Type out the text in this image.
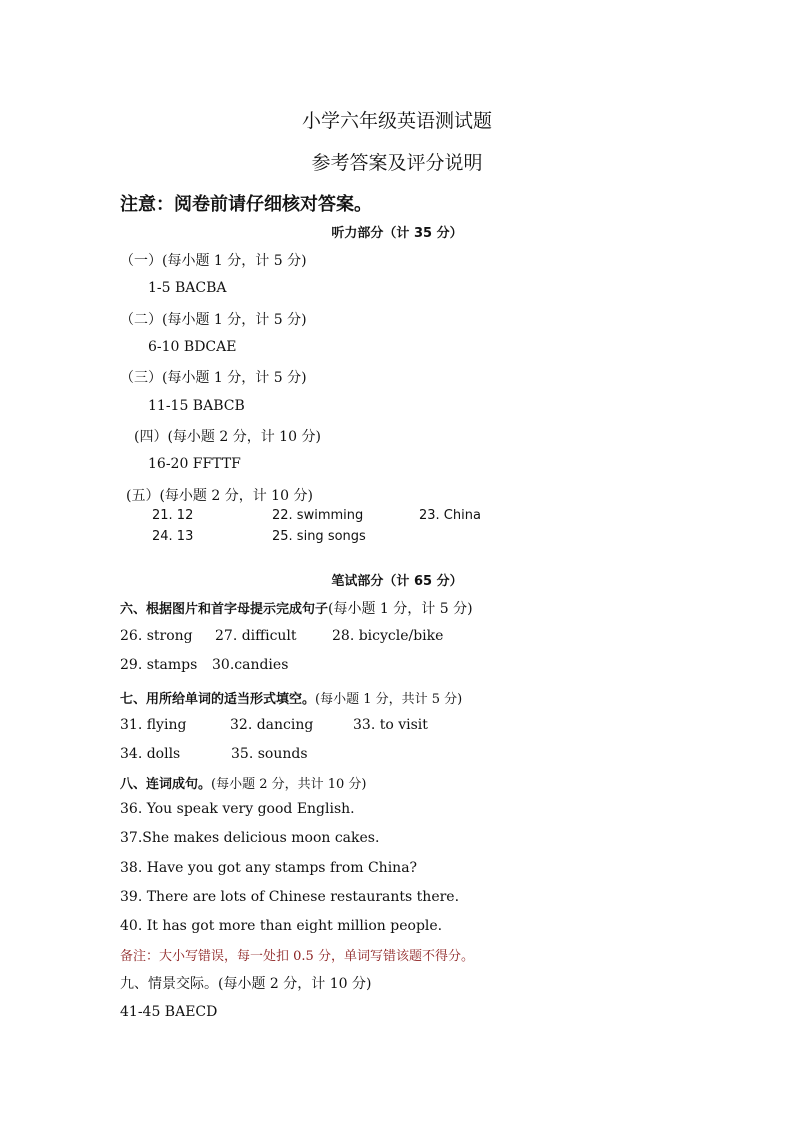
小学六年级英语测试题
参考答案及评分说明
注意：阅卷前请仔细核对答案。
听力部分（计 35 分）
（一）(每小题 1 分，计 5 分)
1-5 BACBA
（二）(每小题 1 分，计 5 分)
6-10 BDCAE
（三）(每小题 1 分，计 5 分)
11-15 BABCB
(四）(每小题 2 分，计 10 分)
16-20 FFTTF
(五）(每小题 2 分，计 10 分)
21. 12	22. swimming	23. China
24. 13	25. sing songs
笔试部分（计 65 分）
六、根据图片和首字母提示完成句子(每小题 1 分，计 5 分)
26. strong 27. difficult	28. bicycle/bike
29. stamps 30.candies
七、用所给单词的适当形式填空。(每小题 1 分，共计 5 分)
31. flying	32. dancing	33. to visit
34. dolls	35. sounds
八、连词成句。(每小题 2 分，共计 10 分)
36. You speak very good English.
37.She makes delicious moon cakes.
38. Have you got any stamps from China?
39. There are lots of Chinese restaurants there.
40. It has got more than eight million people.
备注：大小写错误，每一处扣 0.5 分，单词写错该题不得分。
九、情景交际。(每小题 2 分，计 10 分)
41-45 BAECD
